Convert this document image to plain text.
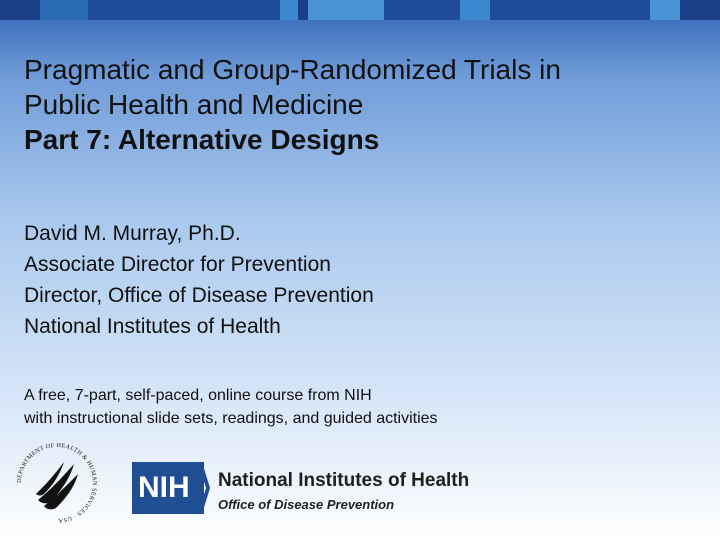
Pragmatic and Group-Randomized Trials in
Public Health and Medicine
Part 7: Alternative Designs
David M. Murray, Ph.D.
Associate Director for Prevention
Director, Office of Disease Prevention
National Institutes of Health
A free, 7-part, self-paced, online course from NIH
with instructional slide sets, readings, and guided activities
DEPARTMENT OF HEALTH & HUMAN SERVICES · USA
NIH	National Institutes of Health
Office of Disease Prevention
